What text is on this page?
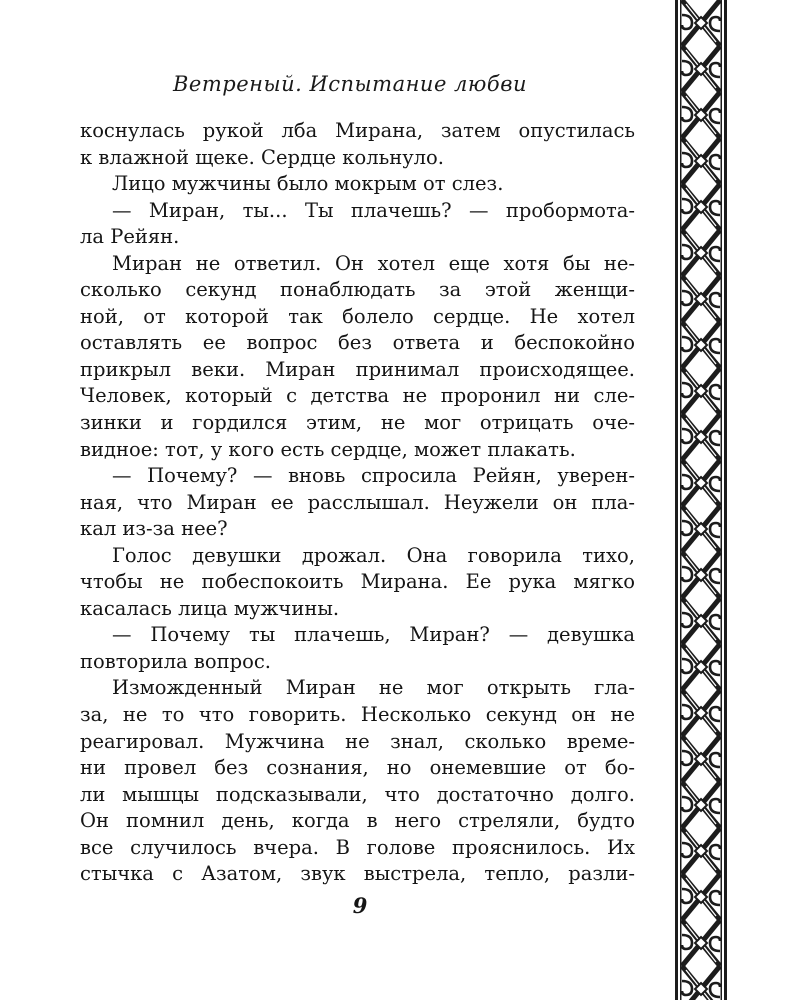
Ветреный. Испытание любви
коснулась рукой лба Мирана, затем опустилась
к влажной щеке. Сердце кольнуло.
Лицо мужчины было мокрым от слез.
— Миран, ты... Ты плачешь? — пробормота-
ла Рейян.
Миран не ответил. Он хотел еще хотя бы не-
сколько секунд понаблюдать за этой женщи-
ной, от которой так болело сердце. Не хотел
оставлять ее вопрос без ответа и беспокойно
прикрыл веки. Миран принимал происходящее.
Человек, который с детства не проронил ни сле-
зинки и гордился этим, не мог отрицать оче-
видное: тот, у кого есть сердце, может плакать.
— Почему? — вновь спросила Рейян, уверен-
ная, что Миран ее расслышал. Неужели он пла-
кал из-за нее?
Голос девушки дрожал. Она говорила тихо,
чтобы не побеспокоить Мирана. Ее рука мягко
касалась лица мужчины.
— Почему ты плачешь, Миран? — девушка
повторила вопрос.
Изможденный Миран не мог открыть гла-
за, не то что говорить. Несколько секунд он не
реагировал. Мужчина не знал, сколько време-
ни провел без сознания, но онемевшие от бо-
ли мышцы подсказывали, что достаточно долго.
Он помнил день, когда в него стреляли, будто
все случилось вчера. В голове прояснилось. Их
стычка с Азатом, звук выстрела, тепло, разли-
9
